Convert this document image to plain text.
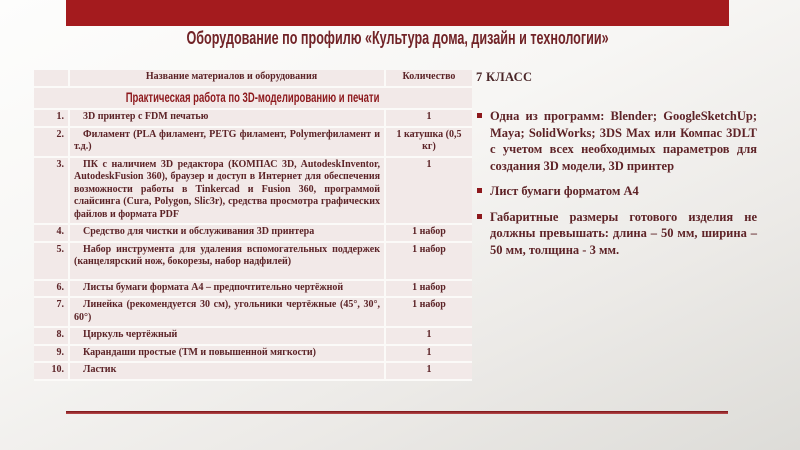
Оборудование по профилю «Культура дома, дизайн и технологии»
	Название материалов и оборудования	Количество
Практическая работа по 3D-моделированию и печати		
1.	3D принтер с FDM печатью	1
2.	Филамент (PLA филамент, PETG филамент, Polymerфиламент и т.д.)	1 катушка (0,5 кг)
3.	ПК с наличием 3D редактора (КОМПАС 3D, AutodeskInventor, AutodeskFusion 360), браузер и доступ в Интернет для обеспечения возможности работы в Tinkercad и Fusion 360, программой слайсинга (Cura, Polygon, Slic3r), средства просмотра графических файлов и формата PDF	1
4.	Средство для чистки и обслуживания 3D принтера	1 набор
5.	Набор инструмента для удаления вспомогательных поддержек (канцелярский нож, бокорезы, набор надфилей)	1 набор
6.	Листы бумаги формата А4 – предпочтительно чертёжной	1 набор
7.	Линейка (рекомендуется 30 см), угольники чертёжные (45°, 30°, 60°)	1 набор
8.	Циркуль чертёжный	1
9.	Карандаши простые (ТМ и повышенной мягкости)	1
10.	Ластик	1

7 КЛАСС

Одна из программ: Blender; GoogleSketchUp; Maya; SolidWorks; 3DS Max или Компас 3DLT с учетом всех необходимых параметров для создания 3D модели, 3D принтер

Лист бумаги форматом А4

Габаритные размеры готового изделия не должны превышать: длина – 50 мм, ширина – 50 мм, толщина - 3 мм.
